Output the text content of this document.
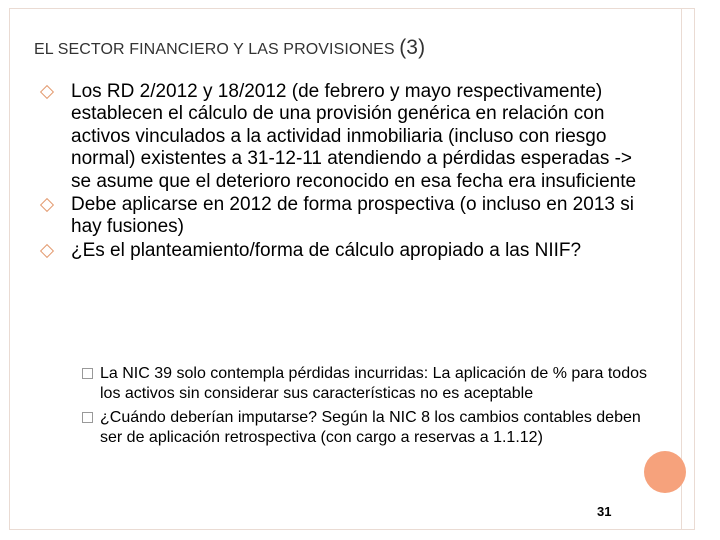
EL SECTOR FINANCIERO Y LAS PROVISIONES (3)
Los RD 2/2012 y 18/2012 (de febrero y mayo respectivamente) establecen el cálculo de una provisión genérica en relación con activos vinculados a la actividad inmobiliaria (incluso con riesgo normal) existentes a 31-12-11 atendiendo a pérdidas esperadas -> se asume que el deterioro reconocido en esa fecha era insuficiente
Debe aplicarse en 2012 de forma prospectiva (o incluso en 2013 si hay fusiones)
¿Es el planteamiento/forma de cálculo apropiado a las NIIF?
La NIC 39 solo contempla pérdidas incurridas: La aplicación de % para todos los activos sin considerar sus características no es aceptable
¿Cuándo deberían imputarse? Según la NIC 8 los cambios contables deben ser de aplicación retrospectiva (con cargo a reservas a 1.1.12)
31
